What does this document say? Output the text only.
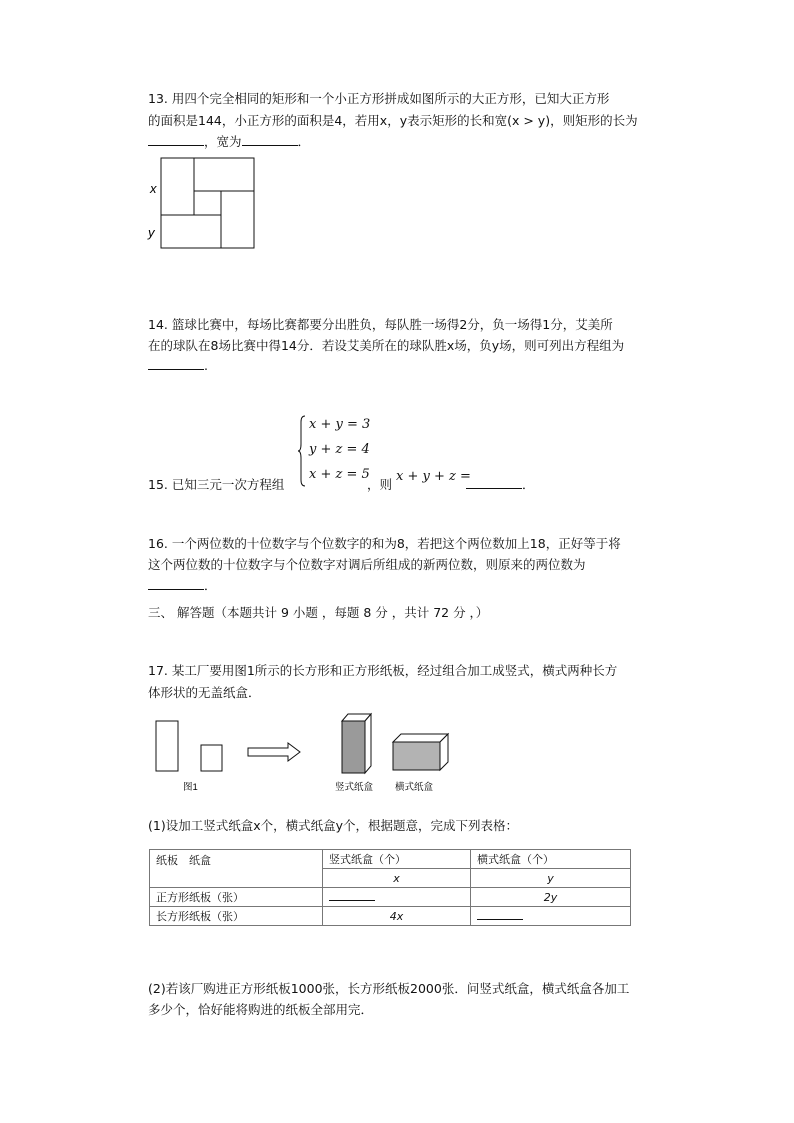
13. 用四个完全相同的矩形和一个小正方形拼成如图所示的大正方形，已知大正方形
的面积是144，小正方形的面积是4，若用x，y表示矩形的长和宽(x > y)，则矩形的长为
，宽为	．
x
y
14. 篮球比赛中，每场比赛都要分出胜负，每队胜一场得2分，负一场得1分，艾美所
在的球队在8场比赛中得14分．若设艾美所在的球队胜x场，负y场，则可列出方程组为
.
x + y = 3
y + z = 4
x + z = 5
15. 已知三元一次方程组	，则
x + y + z =
．
16. 一个两位数的十位数字与个位数字的和为8，若把这个两位数加上18，正好等于将
这个两位数的十位数字与个位数字对调后所组成的新两位数，则原来的两位数为
．
三、 解答题（本题共计 9 小题 ，每题 8 分 ，共计 72 分 ，）
17. 某工厂要用图1所示的长方形和正方形纸板，经过组合加工成竖式，横式两种长方
体形状的无盖纸盒．
图1	竖式纸盒 横式纸盒
(1)设加工竖式纸盒x个，横式纸盒y个，根据题意，完成下列表格：
纸板　纸盒	竖式纸盒（个）	横式纸盒（个）
	x	y
正方形纸板（张）		2y
长方形纸板（张）	4x	
(2)若该厂购进正方形纸板1000张，长方形纸板2000张．问竖式纸盒，横式纸盒各加工
多少个，恰好能将购进的纸板全部用完．
